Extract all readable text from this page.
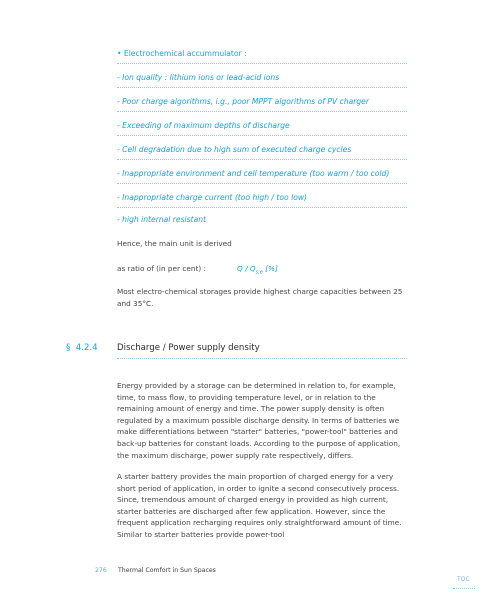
• Electrochemical accummulator :
- Ion quality : lithium ions or lead-acid ions
- Poor charge algorithms, i.g., poor MPPT algorithms of PV charger
- Exceeding of maximum depths of discharge
- Cell degradation due to high sum of executed charge cycles
- Inappropriate environment and cell temperature (too warm / too cold)
- Inappropriate charge current (too high / too low)
- high internal resistant
Hence, the main unit is derived
as ratio of (in per cent) :	Q / $Q_{s,e}$ [%]
Most electro-chemical storages provide highest charge capacities between 25 and 35°C.
§ 4.2.4 Discharge / Power supply density
Energy provided by a storage can be determined in relation to, for example, time, to mass flow, to providing temperature level, or in relation to the remaining amount of energy and time. The power supply density is often regulated by a maximum possible discharge density. In terms of batteries we make differentiations between "starter" batteries, "power-tool" batteries and back-up batteries for constant loads. According to the purpose of application, the maximum discharge, power supply rate respectively, differs.
A starter battery provides the main proportion of charged energy for a very short period of application, in order to ignite a second consecutively process. Since, tremendous amount of charged energy in provided as high current, starter batteries are discharged after few application. However, since the frequent application recharging requires only straightforward amount of time. Similar to starter batteries provide power-tool
276 Thermal Comfort in Sun Spaces
TOC
